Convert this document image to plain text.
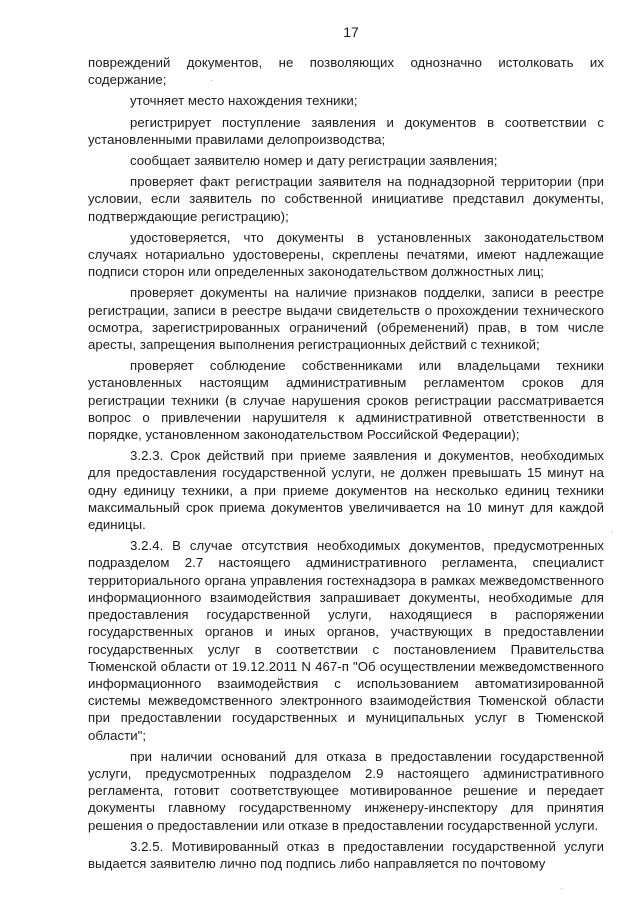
17

повреждений документов, не позволяющих однозначно истолковать их содержание;

уточняет место нахождения техники;

регистрирует поступление заявления и документов в соответствии с установленными правилами делопроизводства;

сообщает заявителю номер и дату регистрации заявления;

проверяет факт регистрации заявителя на поднадзорной территории (при условии, если заявитель по собственной инициативе представил документы, подтверждающие регистрацию);

удостоверяется, что документы в установленных законодательством случаях нотариально удостоверены, скреплены печатями, имеют надлежащие подписи сторон или определенных законодательством должностных лиц;

проверяет документы на наличие признаков подделки, записи в реестре регистрации, записи в реестре выдачи свидетельств о прохождении технического осмотра, зарегистрированных ограничений (обременений) прав, в том числе аресты, запрещения выполнения регистрационных действий с техникой;

проверяет соблюдение собственниками или владельцами техники установленных настоящим административным регламентом сроков для регистрации техники (в случае нарушения сроков регистрации рассматривается вопрос о привлечении нарушителя к административной ответственности в порядке, установленном законодательством Российской Федерации);

3.2.3. Срок действий при приеме заявления и документов, необходимых для предоставления государственной услуги, не должен превышать 15 минут на одну единицу техники, а при приеме документов на несколько единиц техники максимальный срок приема документов увеличивается на 10 минут для каждой единицы.

3.2.4. В случае отсутствия необходимых документов, предусмотренных подразделом 2.7 настоящего административного регламента, специалист территориального органа управления гостехнадзора в рамках межведомственного информационного взаимодействия запрашивает документы, необходимые для предоставления государственной услуги, находящиеся в распоряжении государственных органов и иных органов, участвующих в предоставлении государственных услуг в соответствии с постановлением Правительства Тюменской области от 19.12.2011 N 467-п "Об осуществлении межведомственного информационного взаимодействия с использованием автоматизированной системы межведомственного электронного взаимодействия Тюменской области при предоставлении государственных и муниципальных услуг в Тюменской области";

при наличии оснований для отказа в предоставлении государственной услуги, предусмотренных подразделом 2.9 настоящего административного регламента, готовит соответствующее мотивированное решение и передает документы главному государственному инженеру-инспектору для принятия решения о предоставлении или отказе в предоставлении государственной услуги.

3.2.5. Мотивированный отказ в предоставлении государственной услуги выдается заявителю лично под подпись либо направляется по почтовому

·
·
·
